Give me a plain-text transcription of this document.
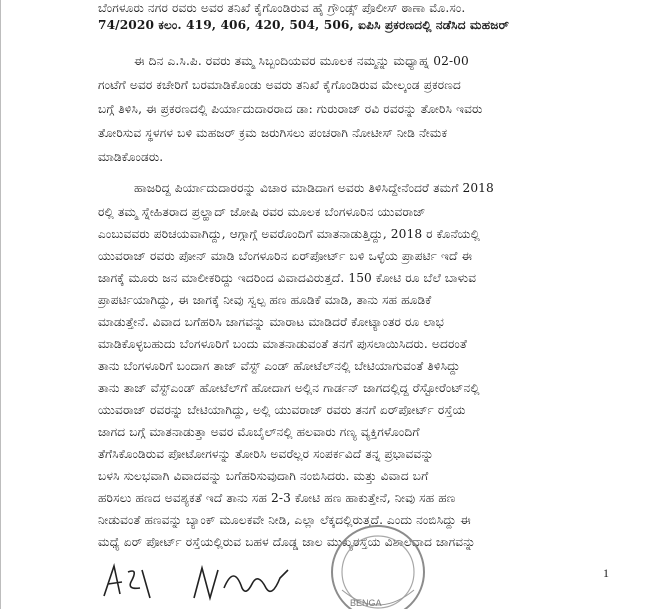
ಬೆಂಗಳೂರು ನಗರ ರವರು ಅವರ ತನಿಖೆ ಕೈಗೊಂಡಿರುವ ಹೈ ಗ್ರೌಂಡ್ಸ್ ಪೊಲೀಸ್ ಠಾಣಾ ಮೊ.ಸಂ.
74/2020 ಕಲಂ. 419, 406, 420, 504, 506, ಐಪಿಸಿ ಪ್ರಕರಣದಲ್ಲಿ ನಡೆಸಿದ ಮಹಜರ್
ಈ ದಿನ ಎ.ಸಿ.ಪಿ. ರವರು ತಮ್ಮ ಸಿಬ್ಬಂದಿಯವರ ಮೂಲಕ ನಮ್ಮನ್ನು ಮಧ್ಯಾಹ್ನ 02-00
ಗಂಟೆಗೆ ಅವರ ಕಚೇರಿಗೆ ಬರಮಾಡಿಕೊಂಡು ಅವರು ತನಿಖೆ ಕೈಗೊಂಡಿರುವ ಮೇಲ್ಕಂಡ ಪ್ರಕರಣದ
ಬಗ್ಗೆ ತಿಳಿಸಿ, ಈ ಪ್ರಕರಣದಲ್ಲಿ ಪಿರ್ಯಾದುದಾರರಾದ ಡಾ: ಗುರುರಾಜ್ ರವಿ ರವರನ್ನು ತೋರಿಸಿ ಇವರು
ತೋರಿಸುವ ಸ್ಥಳಗಳ ಬಳಿ ಮಹಜರ್ ಕ್ರಮ ಜರುಗಿಸಲು ಪಂಚರಾಗಿ ನೋಟೀಸ್ ನೀಡಿ ನೇಮಕ
ಮಾಡಿಕೊಂಡರು.
ಹಾಜರಿದ್ದ ಪಿರ್ಯಾದುದಾರರನ್ನು ವಿಚಾರ ಮಾಡಿದಾಗ ಅವರು ತಿಳಿಸಿದ್ದೇನೆಂದರೆ ತಮಗೆ 2018
ರಲ್ಲಿ ತಮ್ಮ ಸ್ನೇಹಿತರಾದ ಪ್ರಲ್ಹಾದ್ ಜೋಷಿ ರವರ ಮೂಲಕ ಬೆಂಗಳೂರಿನ ಯುವರಾಜ್
ಎಂಬುವವರು ಪರಿಚಯವಾಗಿದ್ದು, ಆಗ್ಗಾಗ್ಗೆ ಅವರೊಂದಿಗೆ ಮಾತನಾಡುತ್ತಿದ್ದು, 2018 ರ ಕೊನೆಯಲ್ಲಿ
ಯುವರಾಜ್ ರವರು ಪೋನ್ ಮಾಡಿ ಬೆಂಗಳೂರಿನ ಏರ್‌ಪೋರ್ಟ್ ಬಳಿ ಒಳ್ಳೆಯ ಪ್ರಾಪರ್ಟಿ ಇದೆ ಈ
ಜಾಗಕ್ಕೆ ಮೂರು ಜನ ಮಾಲೀಕರಿದ್ದು ಇದರಿಂದ ವಿವಾದವಿರುತ್ತದೆ. 150 ಕೋಟಿ ರೂ ಬೆಲೆ ಬಾಳುವ
ಪ್ರಾಪರ್ಟಿಯಾಗಿದ್ದು, ಈ ಜಾಗಕ್ಕೆ ನೀವು ಸ್ವಲ್ಪ ಹಣ ಹೂಡಿಕೆ ಮಾಡಿ, ತಾನು ಸಹ ಹೂಡಿಕೆ
ಮಾಡುತ್ತೇನೆ. ವಿವಾದ ಬಗೆಹರಿಸಿ ಜಾಗವನ್ನು ಮಾರಾಟ ಮಾಡಿದರೆ ಕೋಟ್ಯಾಂತರ ರೂ ಲಾಭ
ಮಾಡಿಕೊಳ್ಳಬಹುದು ಬೆಂಗಳೂರಿಗೆ ಬಂದು ಮಾತನಾಡುವಂತೆ ತನಗೆ ಪುಸಲಾಯಿಸಿದರು. ಅದರಂತೆ
ತಾನು ಬೆಂಗಳೂರಿಗೆ ಬಂದಾಗ ತಾಜ್ ವೆಸ್ಟ್ ಎಂಡ್ ಹೋಟೆಲ್‌ನಲ್ಲಿ ಬೇಟಿಯಾಗುವಂತೆ ತಿಳಿಸಿದ್ದು
ತಾನು ತಾಜ್ ವೆಸ್ಟ್‌ಎಂಡ್ ಹೋಟೆಲ್‌ಗೆ ಹೋದಾಗ ಅಲ್ಲಿನ ಗಾರ್ಡನ್ ಜಾಗದಲ್ಲಿದ್ದ ರೆಸ್ಟೋರೆಂಟ್‌ನಲ್ಲಿ
ಯುವರಾಜ್ ರವರನ್ನು ಬೇಟಿಯಾಗಿದ್ದು, ಅಲ್ಲಿ ಯುವರಾಜ್ ರವರು ತನಗೆ ಏರ್‌ಪೋರ್ಟ್ ರಸ್ತೆಯ
ಜಾಗದ ಬಗ್ಗೆ ಮಾತನಾಡುತ್ತಾ ಅವರ ಮೊಬೈಲ್‌ನಲ್ಲಿ ಹಲವಾರು ಗಣ್ಯ ವ್ಯಕ್ತಿಗಳೊಂದಿಗೆ
ತೆಗೆಸಿಕೊಂಡಿರುವ ಪೋಟೋಗಳನ್ನು ತೋರಿಸಿ ಅವರೆಲ್ಲರ ಸಂಪರ್ಕವಿದೆ ತನ್ನ ಪ್ರಭಾವವನ್ನು
ಬಳಸಿ ಸುಲಭವಾಗಿ ವಿವಾದವನ್ನು ಬಗೆಹರಿಸುವುದಾಗಿ ನಂಬಿಸಿದರು. ಮತ್ತು ವಿವಾದ ಬಗೆ
ಹರಿಸಲು ಹಣದ ಅವಶ್ಯಕತೆ ಇದೆ ತಾನು ಸಹ 2-3 ಕೋಟಿ ಹಣ ಹಾಕುತ್ತೇನೆ, ನೀವು ಸಹ ಹಣ
ನೀಡುವಂತೆ ಹಣವನ್ನು ಬ್ಯಾಂಕ್ ಮೂಲಕವೇ ನೀಡಿ, ಎಲ್ಲಾ ಲೆಕ್ಕದಲ್ಲಿರುತ್ತದೆ. ಎಂದು ನಂಬಿಸಿದ್ದು ಈ
ಮಧ್ಯೆ ಏರ್ ಪೋರ್ಟ್ ರಸ್ತೆಯಲ್ಲಿರುವ ಬಹಳ ದೊಡ್ಡ ಜಾಲ ಮುಖ್ಯರಸ್ತೆಯ ವಿಶಾಲವಾದ ಜಾಗವನ್ನು
BENGA
1
